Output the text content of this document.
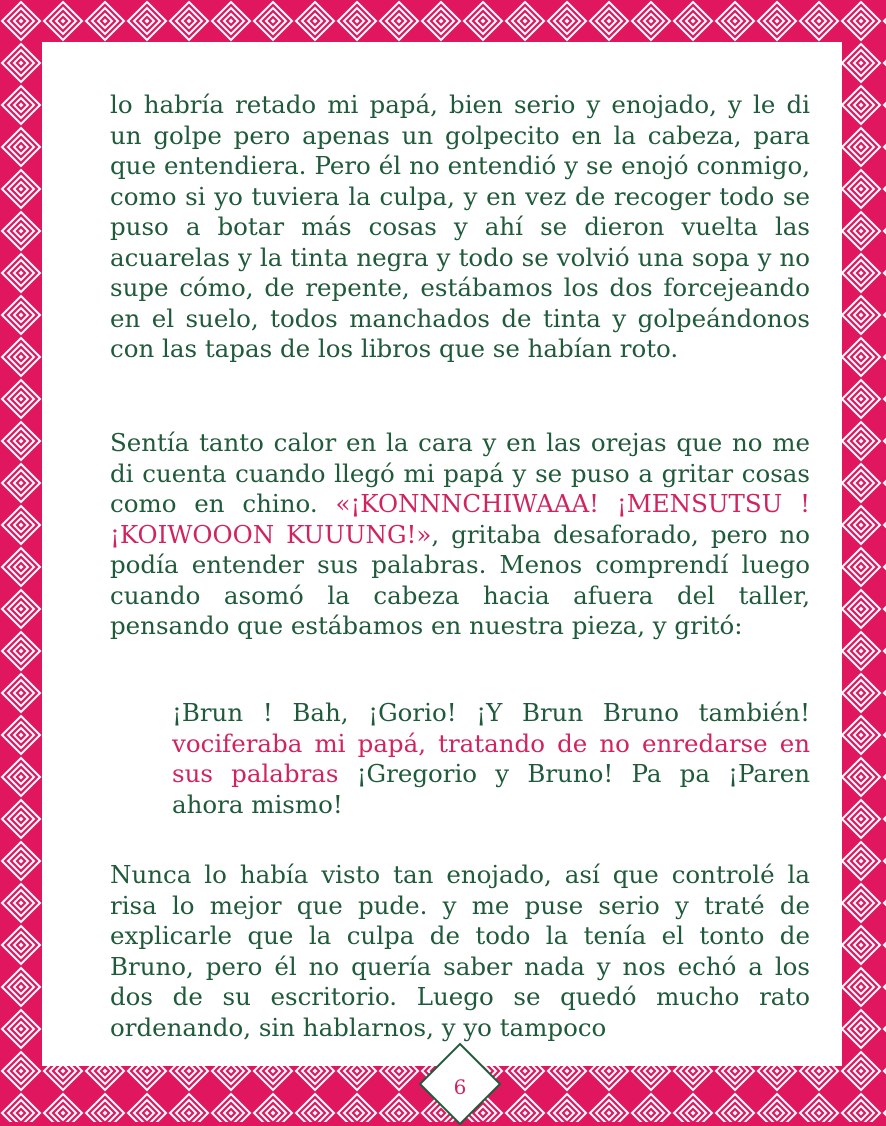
lo habría retado mi papá, bien serio y enojado, y le di un golpe pero apenas un golpecito en la cabeza, para que entendiera. Pero él no entendió y se enojó conmigo, como si yo tuviera la culpa, y en vez de recoger todo se puso a botar más cosas y ahí se dieron vuelta las acuarelas y la tinta negra y todo se volvió una sopa y no supe cómo, de repente, estábamos los dos forcejeando en el suelo, todos manchados de tinta y golpeándonos con las tapas de los libros que se habían roto.

Sentía tanto calor en la cara y en las orejas que no me di cuenta cuando llegó mi papá y se puso a gritar cosas como en chino. «¡KONNNCHIWAAA! ¡MENSUTSU ! ¡KOIWOOON KUUUNG!», gritaba desaforado, pero no podía entender sus palabras. Menos comprendí luego cuando asomó la cabeza hacia afuera del taller, pensando que estábamos en nuestra pieza, y gritó:

¡Brun ! Bah, ¡Gorio! ¡Y Brun Bruno también! vociferaba mi papá, tratando de no enredarse en sus palabras ¡Gregorio y Bruno! Pa pa ¡Paren ahora mismo!

Nunca lo había visto tan enojado, así que controlé la risa lo mejor que pude. y me puse serio y traté de explicarle que la culpa de todo la tenía el tonto de Bruno, pero él no quería saber nada y nos echó a los dos de su escritorio. Luego se quedó mucho rato ordenando, sin hablarnos, y yo tampoco

6
